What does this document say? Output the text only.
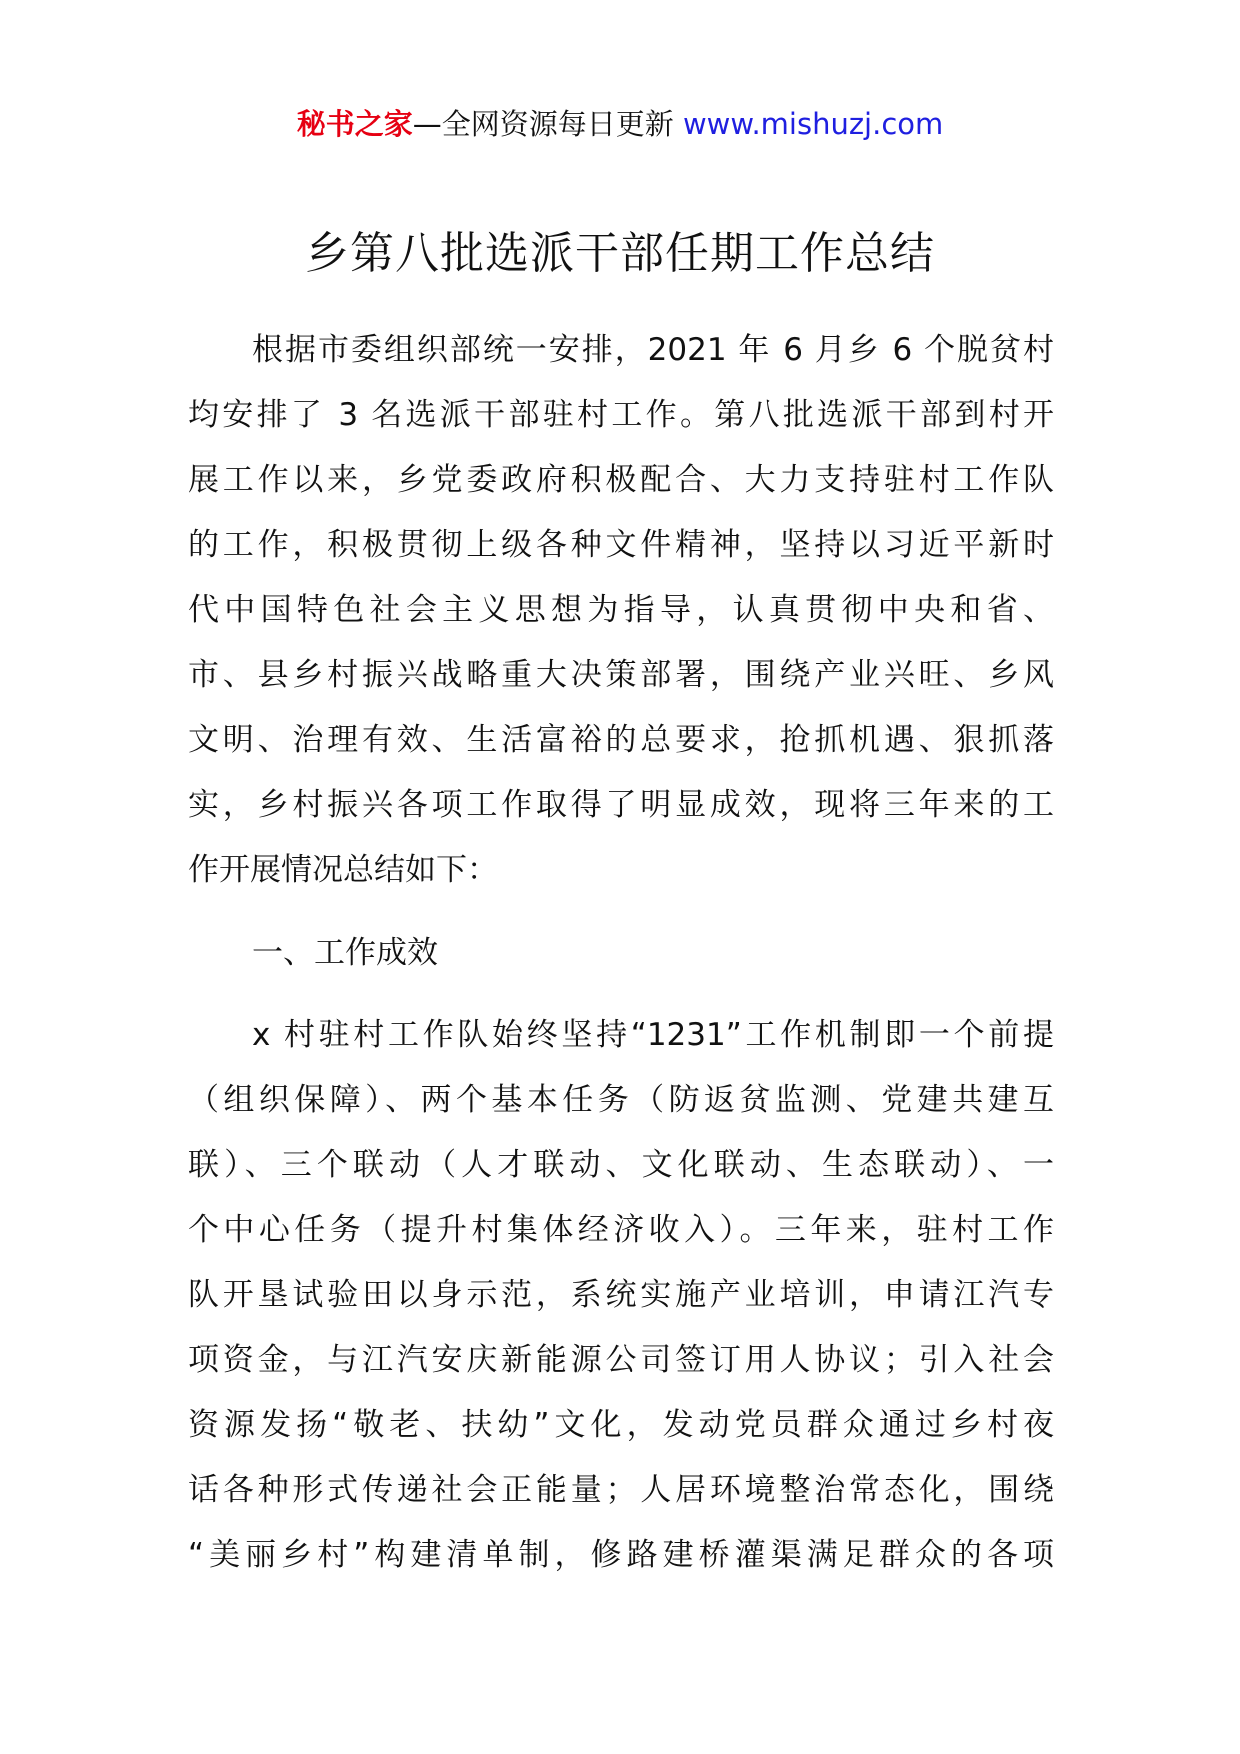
秘书之家—全网资源每日更新 www.mishuzj.com
乡第八批选派干部任期工作总结
根据市委组织部统一安排，2021 年 6 月乡 6 个脱贫村
均安排了 3 名选派干部驻村工作。第八批选派干部到村开
展工作以来，乡党委政府积极配合、大力支持驻村工作队
的工作，积极贯彻上级各种文件精神，坚持以习近平新时
代中国特色社会主义思想为指导，认真贯彻中央和省、
市、县乡村振兴战略重大决策部署，围绕产业兴旺、乡风
文明、治理有效、生活富裕的总要求，抢抓机遇、狠抓落
实，乡村振兴各项工作取得了明显成效，现将三年来的工
作开展情况总结如下：
一、工作成效
x 村驻村工作队始终坚持“1231”工作机制即一个前提
（组织保障）、两个基本任务（防返贫监测、党建共建互
联）、三个联动（人才联动、文化联动、生态联动）、一
个中心任务（提升村集体经济收入）。三年来，驻村工作
队开垦试验田以身示范，系统实施产业培训，申请江汽专
项资金，与江汽安庆新能源公司签订用人协议；引入社会
资源发扬“敬老、扶幼”文化，发动党员群众通过乡村夜
话各种形式传递社会正能量；人居环境整治常态化，围绕
“美丽乡村”构建清单制，修路建桥灌渠满足群众的各项
